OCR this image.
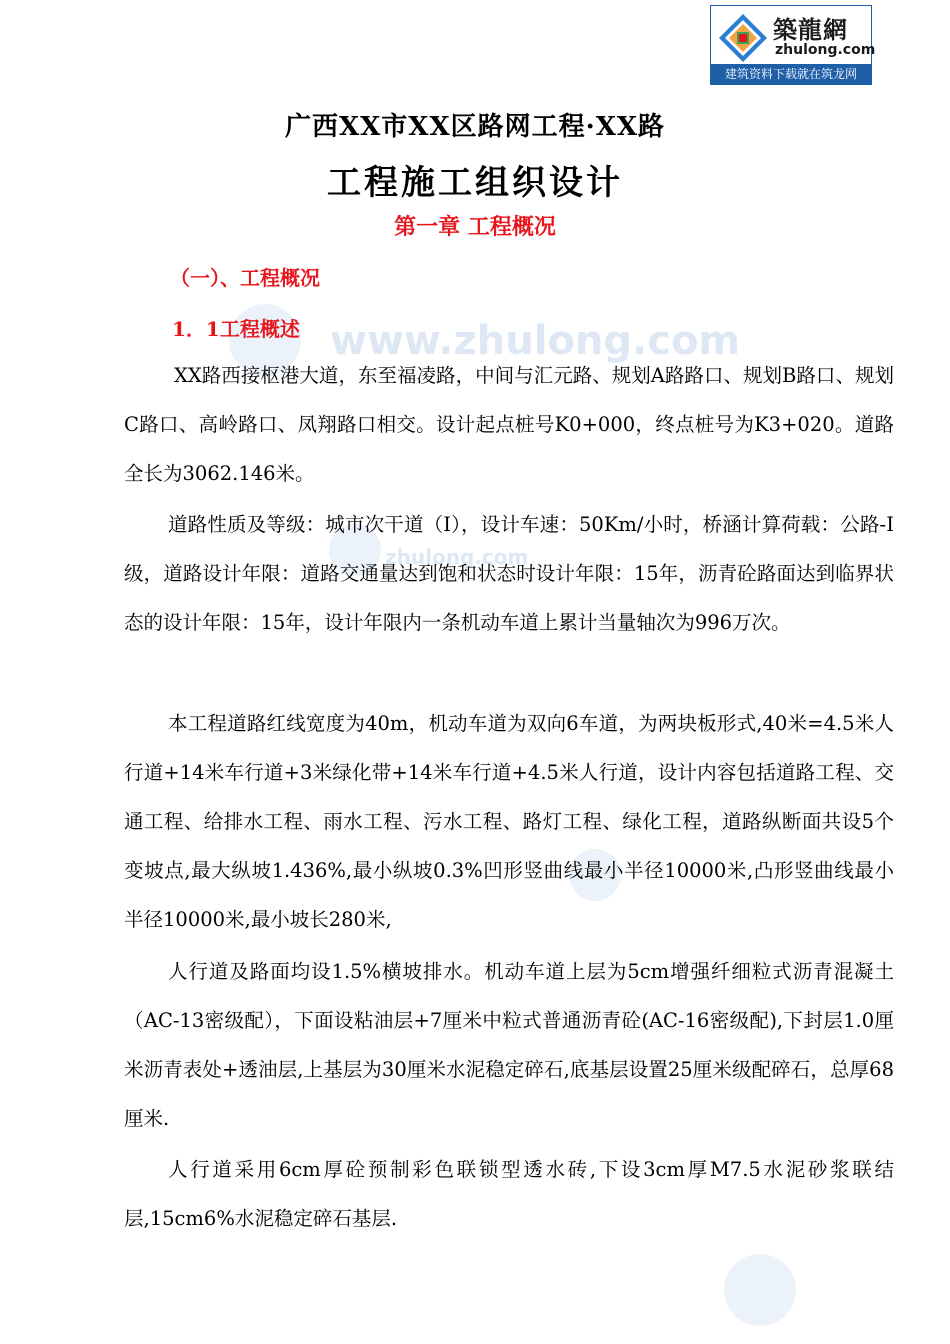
築龍網
zhulong.com
建筑资料下载就在筑龙网
www.zhulong.com
zhulong.com
广西XX市XX区路网工程·XX路
工程施工组织设计
第一章 工程概况
（一）、工程概况
1．1工程概述

XX路西接枢港大道，东至福凌路，中间与汇元路、规划A路路口、规划B路口、规划C路口、高岭路口、凤翔路口相交。设计起点桩号K0+000，终点桩号为K3+020。道路全长为3062.146米。

道路性质及等级：城市次干道（Ⅰ），设计车速：50Km/小时，桥涵计算荷载：公路-Ⅰ级，道路设计年限：道路交通量达到饱和状态时设计年限：15年，沥青砼路面达到临界状态的设计年限：15年，设计年限内一条机动车道上累计当量轴次为996万次。

本工程道路红线宽度为40m，机动车道为双向6车道，为两块板形式,40米=4.5米人行道+14米车行道+3米绿化带+14米车行道+4.5米人行道，设计内容包括道路工程、交通工程、给排水工程、雨水工程、污水工程、路灯工程、绿化工程，道路纵断面共设5个变坡点,最大纵坡1.436%,最小纵坡0.3%凹形竖曲线最小半径10000米,凸形竖曲线最小半径10000米,最小坡长280米,

人行道及路面均设1.5%横坡排水。机动车道上层为5cm增强纤细粒式沥青混凝土（AC-13密级配），下面设粘油层+7厘米中粒式普通沥青砼(AC-16密级配),下封层1.0厘米沥青表处+透油层,上基层为30厘米水泥稳定碎石,底基层设置25厘米级配碎石，总厚68厘米.

人行道采用6cm厚砼预制彩色联锁型透水砖,下设3cm厚M7.5水泥砂浆联结层,15cm6%水泥稳定碎石基层.
